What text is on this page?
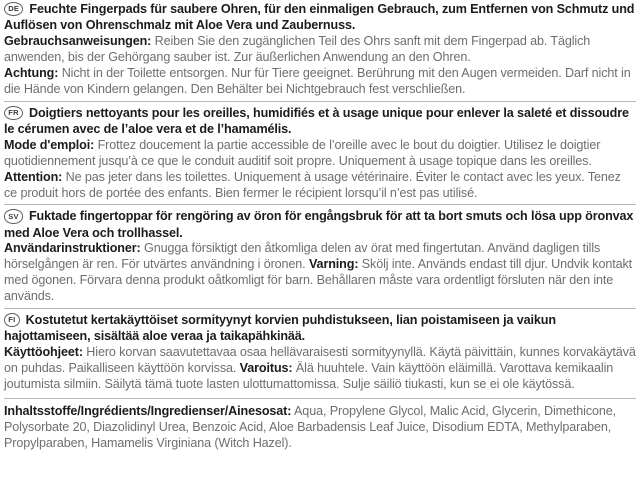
DE Feuchte Fingerpads für saubere Ohren, für den einmaligen Gebrauch, zum Entfernen von Schmutz und Auflösen von Ohrenschmalz mit Aloe Vera und Zaubernuss.
Gebrauchsanweisungen: Reiben Sie den zugänglichen Teil des Ohrs sanft mit dem Fingerpad ab. Täglich anwenden, bis der Gehörgang sauber ist. Zur äußerlichen Anwendung an den Ohren.
Achtung: Nicht in der Toilette entsorgen. Nur für Tiere geeignet. Berührung mit den Augen vermeiden. Darf nicht in die Hände von Kindern gelangen. Den Behälter bei Nichtgebrauch fest verschließen.

FR Doigtiers nettoyants pour les oreilles, humidifiés et à usage unique pour enlever la saleté et dissoudre le cérumen avec de l’aloe vera et de l’hamamélis.
Mode d'emploi: Frottez doucement la partie accessible de l’oreille avec le bout du doigtier. Utilisez le doigtier quotidiennement jusqu’à ce que le conduit auditif soit propre. Uniquement à usage topique dans les oreilles. Attention: Ne pas jeter dans les toilettes. Uniquement à usage vétérinaire. Éviter le contact avec les yeux. Tenez ce produit hors de portée des enfants. Bien fermer le récipient lorsqu’il n’est pas utilisé.

SV Fuktade fingertoppar för rengöring av öron för engångsbruk för att ta bort smuts och lösa upp öronvax med Aloe Vera och trollhassel.
Användarinstruktioner: Gnugga försiktigt den åtkomliga delen av örat med fingertutan. Använd dagligen tills hörselgången är ren. För utvärtes användning i öronen. Varning: Skölj inte. Används endast till djur. Undvik kontakt med ögonen. Förvara denna produkt oåtkomligt för barn. Behållaren måste vara ordentligt försluten när den inte används.

FI Kostutetut kertakäyttöiset sormityynyt korvien puhdistukseen, lian poistamiseen ja vaikun hajottamiseen, sisältää aloe veraa ja taikapähkinää.
Käyttöohjeet: Hiero korvan saavutettavaa osaa hellävaraisesti sormityynyllä. Käytä päivittäin, kunnes korvakäytävä on puhdas. Paikalliseen käyttöön korvissa. Varoitus: Älä huuhtele. Vain käyttöön eläimillä. Varottava kemikaalin joutumista silmiin. Säilytä tämä tuote lasten ulottumattomissa. Sulje säiliö tiukasti, kun se ei ole käytössä.

Inhaltsstoffe/Ingrédients/Ingredienser/Ainesosat: Aqua, Propylene Glycol, Malic Acid, Glycerin, Dimethicone, Polysorbate 20, Diazolidinyl Urea, Benzoic Acid, Aloe Barbadensis Leaf Juice, Disodium EDTA, Methylparaben, Propylparaben, Hamamelis Virginiana (Witch Hazel).
